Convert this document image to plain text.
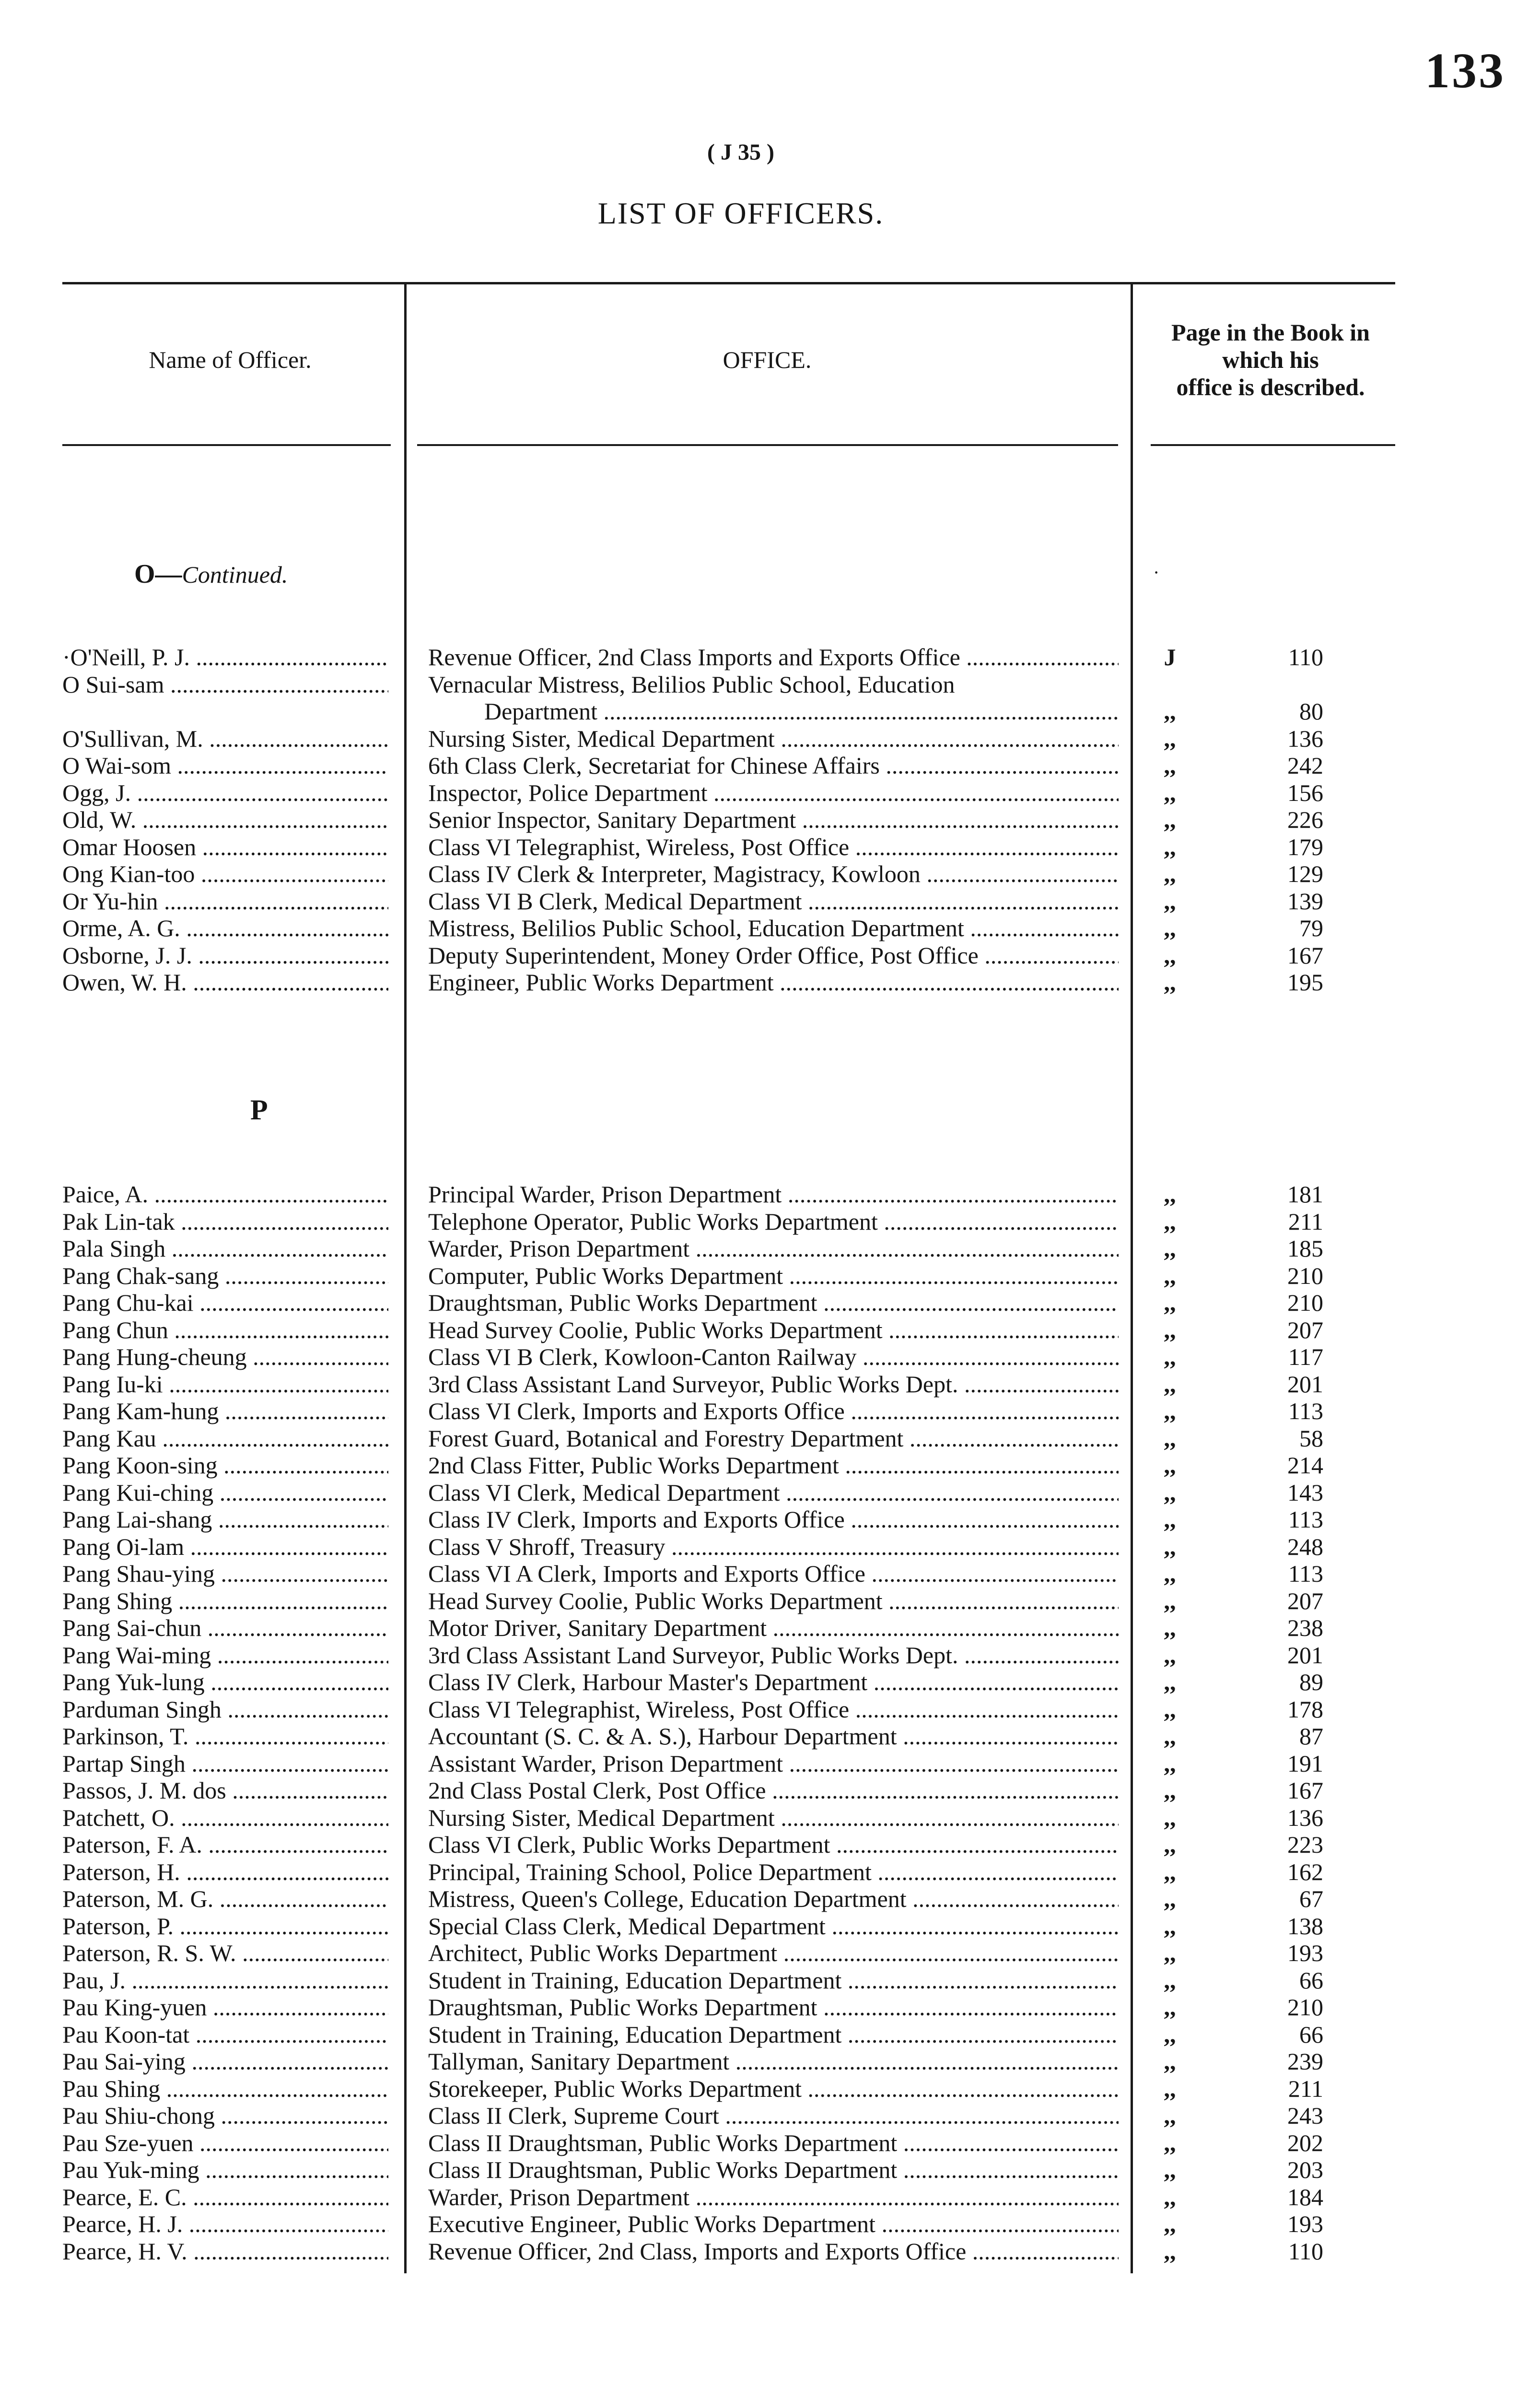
133
( J 35 )
LIST OF OFFICERS.
Name of Officer.	OFFICE.
Page in the Book in
which his
office is described.
O—Continued.	·
·O'Neill, P. J. .....	Revenue Officer, 2nd Class Imports and Exports Office .....	J	110
O Sui-sam .....	Vernacular Mistress, Belilios Public School, Education
Department .....	,,	80
O'Sullivan, M. .....	Nursing Sister, Medical Department .....	,,	136
O Wai-som .....	6th Class Clerk, Secretariat for Chinese Affairs .....	,,	242
Ogg, J. .....	Inspector, Police Department .....	,,	156
Old, W. .....	Senior Inspector, Sanitary Department .....	,,	226
Omar Hoosen .....	Class VI Telegraphist, Wireless, Post Office .....	,,	179
Ong Kian-too .....	Class IV Clerk & Interpreter, Magistracy, Kowloon .....	,,	129
Or Yu-hin .....	Class VI B Clerk, Medical Department .....	,,	139
Orme, A. G. .....	Mistress, Belilios Public School, Education Department .....	,,	79
Osborne, J. J. .....	Deputy Superintendent, Money Order Office, Post Office .....	,,	167
Owen, W. H. .....	Engineer, Public Works Department .....	,,	195
P
Paice, A. .....	Principal Warder, Prison Department .....	,,	181
Pak Lin-tak .....	Telephone Operator, Public Works Department .....	,,	211
Pala Singh .....	Warder, Prison Department .....	,,	185
Pang Chak-sang .....	Computer, Public Works Department .....	,,	210
Pang Chu-kai .....	Draughtsman, Public Works Department .....	,,	210
Pang Chun .....	Head Survey Coolie, Public Works Department .....	,,	207
Pang Hung-cheung .....	Class VI B Clerk, Kowloon-Canton Railway .....	,,	117
Pang Iu-ki .....	3rd Class Assistant Land Surveyor, Public Works Dept. .....	,,	201
Pang Kam-hung .....	Class VI Clerk, Imports and Exports Office .....	,,	113
Pang Kau .....	Forest Guard, Botanical and Forestry Department .....	,,	58
Pang Koon-sing .....	2nd Class Fitter, Public Works Department .....	,,	214
Pang Kui-ching .....	Class VI Clerk, Medical Department .....	,,	143
Pang Lai-shang .....	Class IV Clerk, Imports and Exports Office .....	,,	113
Pang Oi-lam .....	Class V Shroff, Treasury .....	,,	248
Pang Shau-ying .....	Class VI A Clerk, Imports and Exports Office .....	,,	113
Pang Shing .....	Head Survey Coolie, Public Works Department .....	,,	207
Pang Sai-chun .....	Motor Driver, Sanitary Department .....	,,	238
Pang Wai-ming .....	3rd Class Assistant Land Surveyor, Public Works Dept. .....	,,	201
Pang Yuk-lung .....	Class IV Clerk, Harbour Master's Department .....	,,	89
Parduman Singh .....	Class VI Telegraphist, Wireless, Post Office .....	,,	178
Parkinson, T. .....	Accountant (S. C. & A. S.), Harbour Department .....	,,	87
Partap Singh .....	Assistant Warder, Prison Department .....	,,	191
Passos, J. M. dos .....	2nd Class Postal Clerk, Post Office .....	,,	167
Patchett, O. .....	Nursing Sister, Medical Department .....	,,	136
Paterson, F. A. .....	Class VI Clerk, Public Works Department .....	,,	223
Paterson, H. .....	Principal, Training School, Police Department .....	,,	162
Paterson, M. G. .....	Mistress, Queen's College, Education Department .....	,,	67
Paterson, P. .....	Special Class Clerk, Medical Department .....	,,	138
Paterson, R. S. W. .....	Architect, Public Works Department .....	,,	193
Pau, J. .....	Student in Training, Education Department .....	,,	66
Pau King-yuen .....	Draughtsman, Public Works Department .....	,,	210
Pau Koon-tat .....	Student in Training, Education Department .....	,,	66
Pau Sai-ying .....	Tallyman, Sanitary Department .....	,,	239
Pau Shing .....	Storekeeper, Public Works Department .....	,,	211
Pau Shiu-chong .....	Class II Clerk, Supreme Court .....	,,	243
Pau Sze-yuen .....	Class II Draughtsman, Public Works Department .....	,,	202
Pau Yuk-ming .....	Class II Draughtsman, Public Works Department .....	,,	203
Pearce, E. C. .....	Warder, Prison Department .....	,,	184
Pearce, H. J. .....	Executive Engineer, Public Works Department .....	,,	193
Pearce, H. V. .....	Revenue Officer, 2nd Class, Imports and Exports Office .....	,,	110
